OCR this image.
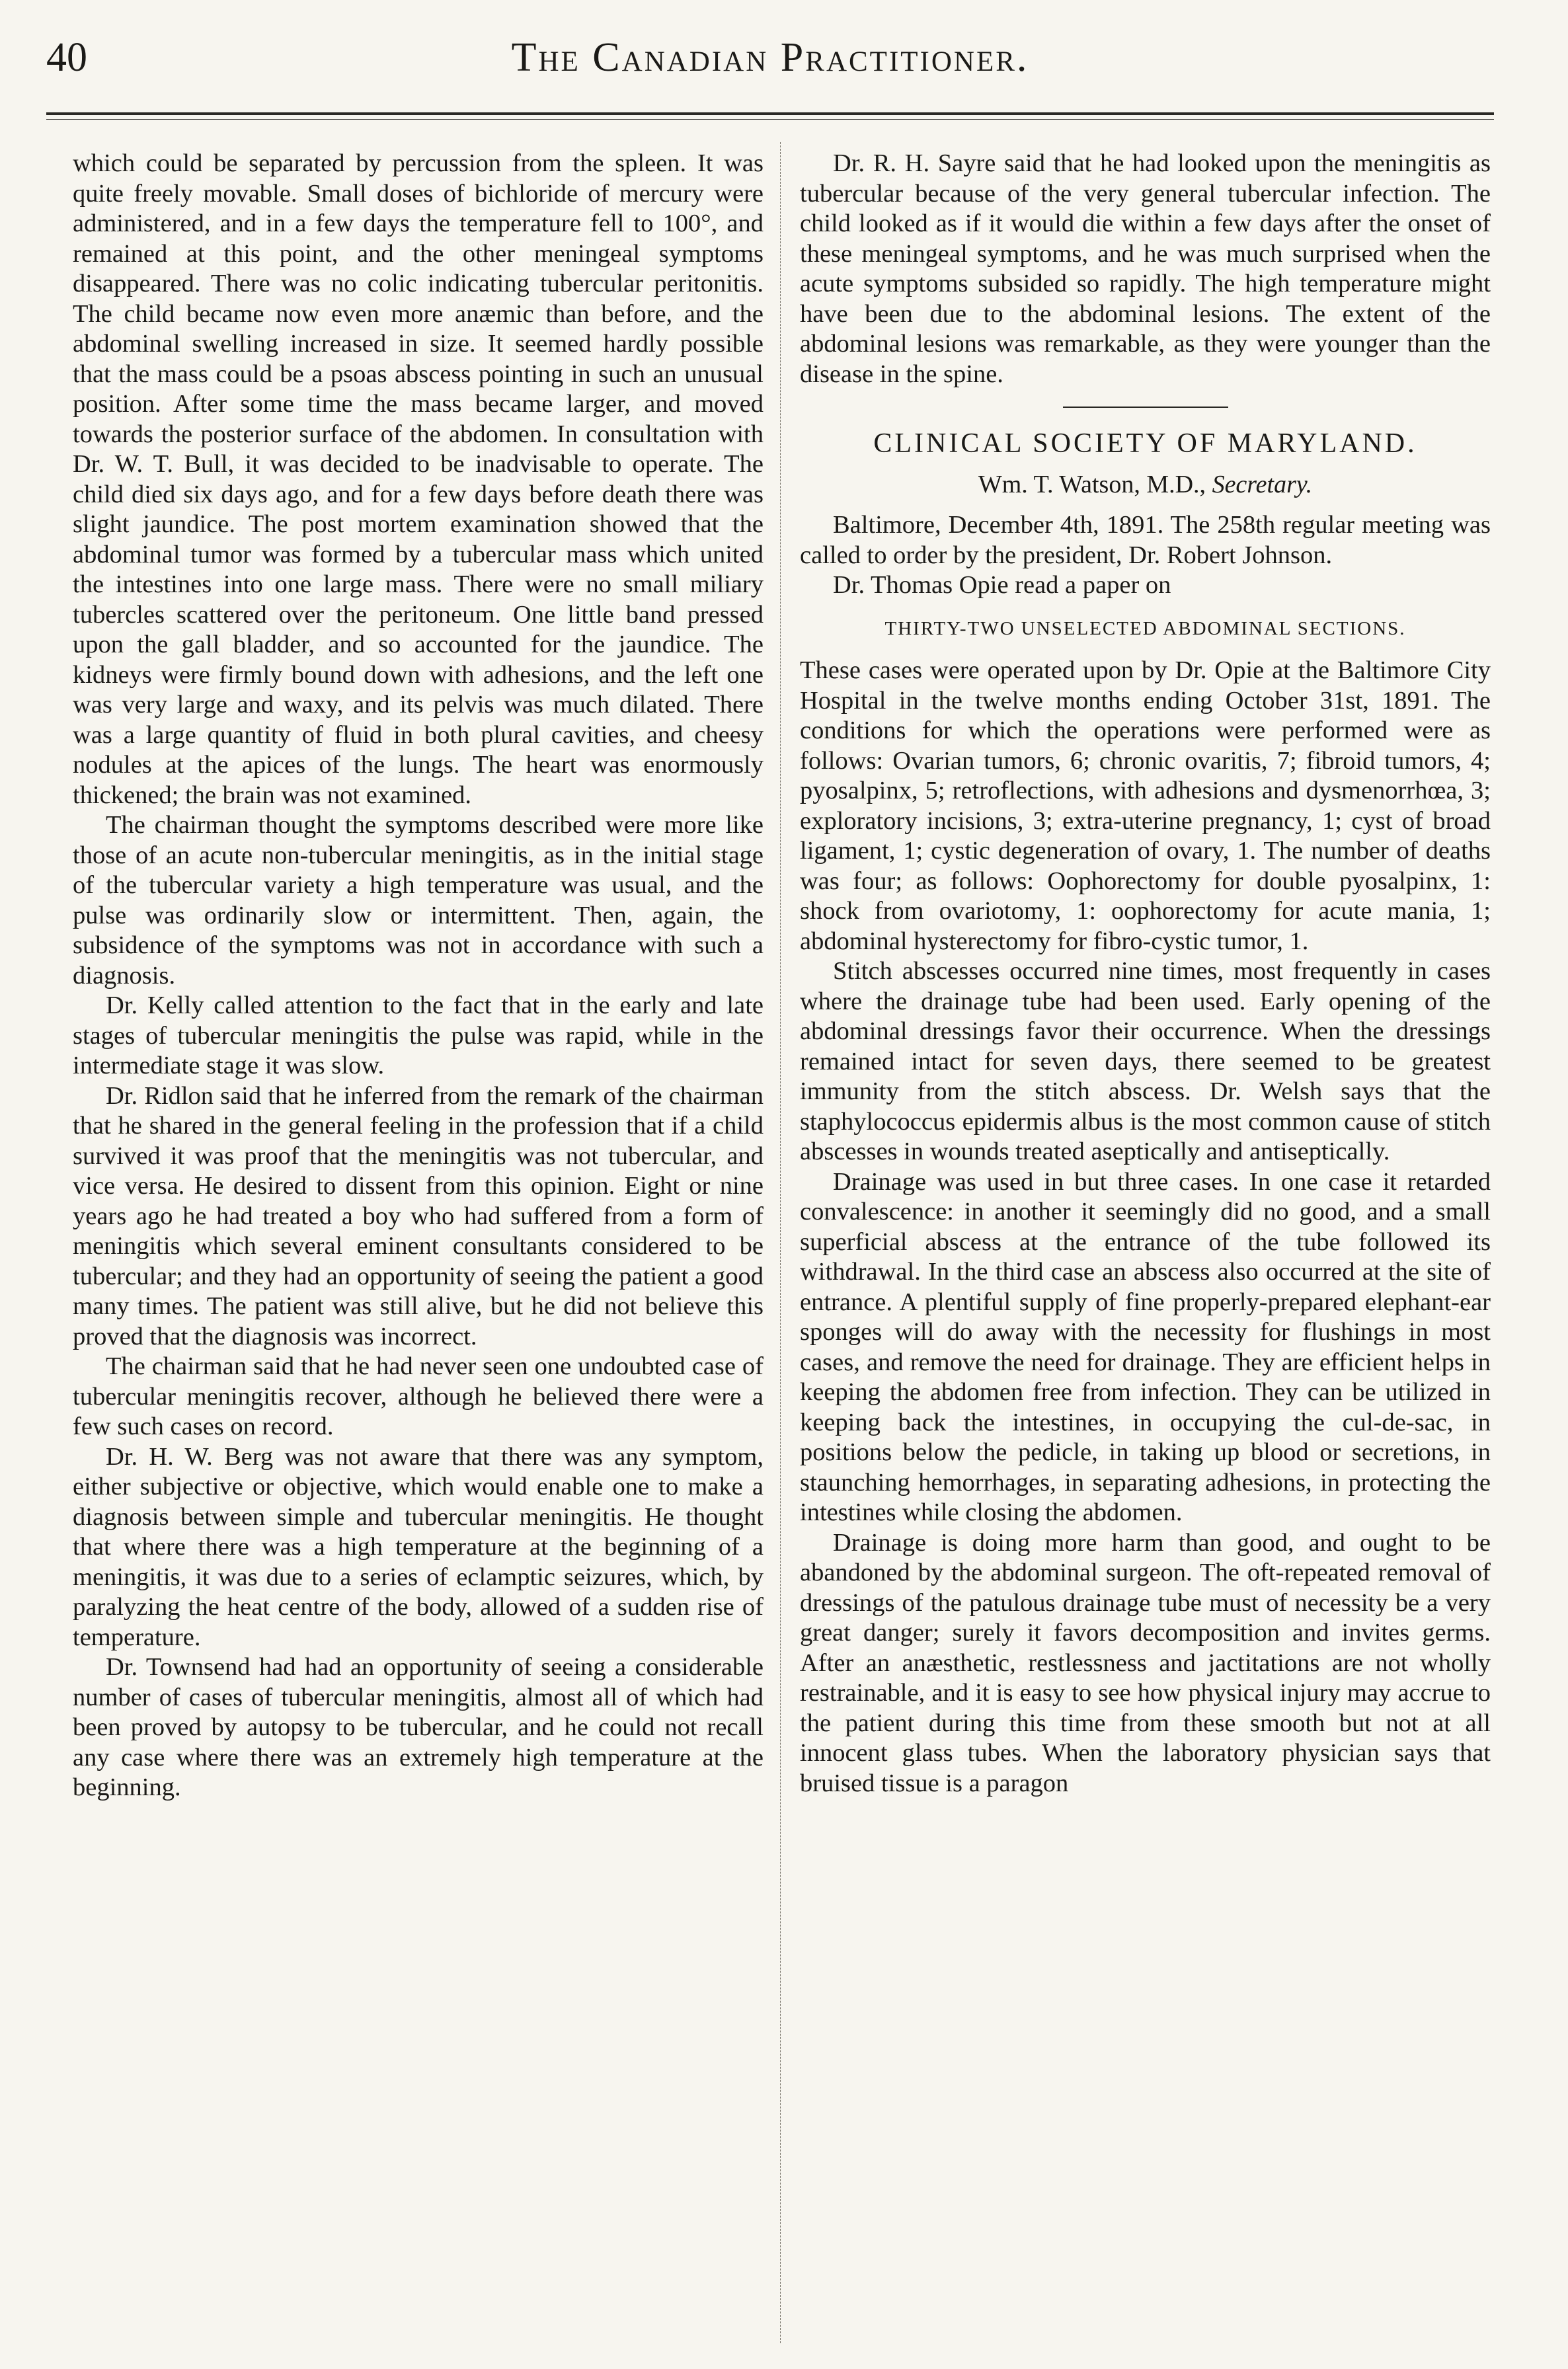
40	The Canadian Practitioner.

which could be separated by percussion from the spleen. It was quite freely movable. Small doses of bichloride of mercury were administered, and in a few days the temperature fell to 100°, and remained at this point, and the other meningeal symptoms disappeared. There was no colic indicating tubercular peritonitis. The child became now even more anæmic than before, and the abdominal swelling increased in size. It seemed hardly possible that the mass could be a psoas abscess pointing in such an unusual position. After some time the mass became larger, and moved towards the posterior surface of the abdomen. In consultation with Dr. W. T. Bull, it was decided to be inadvisable to operate. The child died six days ago, and for a few days before death there was slight jaundice. The post mortem examination showed that the abdominal tumor was formed by a tubercular mass which united the intestines into one large mass. There were no small miliary tubercles scattered over the peritoneum. One little band pressed upon the gall bladder, and so accounted for the jaundice. The kidneys were firmly bound down with adhesions, and the left one was very large and waxy, and its pelvis was much dilated. There was a large quantity of fluid in both plural cavities, and cheesy nodules at the apices of the lungs. The heart was enormously thickened; the brain was not examined.

The chairman thought the symptoms described were more like those of an acute non-tubercular meningitis, as in the initial stage of the tubercular variety a high temperature was usual, and the pulse was ordinarily slow or intermittent. Then, again, the subsidence of the symptoms was not in accordance with such a diagnosis.

Dr. Kelly called attention to the fact that in the early and late stages of tubercular meningitis the pulse was rapid, while in the intermediate stage it was slow.

Dr. Ridlon said that he inferred from the remark of the chairman that he shared in the general feeling in the profession that if a child survived it was proof that the meningitis was not tubercular, and vice versa. He desired to dissent from this opinion. Eight or nine years ago he had treated a boy who had suffered from a form of meningitis which several eminent consultants considered to be tubercular; and they had an opportunity of seeing the patient a good many times. The patient was still alive, but he did not believe this proved that the diagnosis was incorrect.

The chairman said that he had never seen one undoubted case of tubercular meningitis recover, although he believed there were a few such cases on record.

Dr. H. W. Berg was not aware that there was any symptom, either subjective or objective, which would enable one to make a diagnosis between simple and tubercular meningitis. He thought that where there was a high temperature at the beginning of a meningitis, it was due to a series of eclamptic seizures, which, by paralyzing the heat centre of the body, allowed of a sudden rise of temperature.

Dr. Townsend had had an opportunity of seeing a considerable number of cases of tubercular meningitis, almost all of which had been proved by autopsy to be tubercular, and he could not recall any case where there was an extremely high temperature at the beginning.

Dr. R. H. Sayre said that he had looked upon the meningitis as tubercular because of the very general tubercular infection. The child looked as if it would die within a few days after the onset of these meningeal symptoms, and he was much surprised when the acute symptoms subsided so rapidly. The high temperature might have been due to the abdominal lesions. The extent of the abdominal lesions was remarkable, as they were younger than the disease in the spine.

CLINICAL SOCIETY OF MARYLAND.

Wm. T. Watson, M.D., Secretary.

Baltimore, December 4th, 1891. The 258th regular meeting was called to order by the president, Dr. Robert Johnson.

Dr. Thomas Opie read a paper on

THIRTY-TWO UNSELECTED ABDOMINAL SECTIONS.

These cases were operated upon by Dr. Opie at the Baltimore City Hospital in the twelve months ending October 31st, 1891. The conditions for which the operations were performed were as follows: Ovarian tumors, 6; chronic ovaritis, 7; fibroid tumors, 4; pyosalpinx, 5; retroflections, with adhesions and dysmenorrhœa, 3; exploratory incisions, 3; extra-uterine pregnancy, 1; cyst of broad ligament, 1; cystic degeneration of ovary, 1. The number of deaths was four; as follows: Oophorectomy for double pyosalpinx, 1: shock from ovariotomy, 1: oophorectomy for acute mania, 1; abdominal hysterectomy for fibro-cystic tumor, 1.

Stitch abscesses occurred nine times, most frequently in cases where the drainage tube had been used. Early opening of the abdominal dressings favor their occurrence. When the dressings remained intact for seven days, there seemed to be greatest immunity from the stitch abscess. Dr. Welsh says that the staphylococcus epidermis albus is the most common cause of stitch abscesses in wounds treated aseptically and antiseptically.

Drainage was used in but three cases. In one case it retarded convalescence: in another it seemingly did no good, and a small superficial abscess at the entrance of the tube followed its withdrawal. In the third case an abscess also occurred at the site of entrance. A plentiful supply of fine properly-prepared elephant-ear sponges will do away with the necessity for flushings in most cases, and remove the need for drainage. They are efficient helps in keeping the abdomen free from infection. They can be utilized in keeping back the intestines, in occupying the cul-de-sac, in positions below the pedicle, in taking up blood or secretions, in staunching hemorrhages, in separating adhesions, in protecting the intestines while closing the abdomen.

Drainage is doing more harm than good, and ought to be abandoned by the abdominal surgeon. The oft-repeated removal of dressings of the patulous drainage tube must of necessity be a very great danger; surely it favors decomposition and invites germs. After an anæsthetic, restlessness and jactitations are not wholly restrainable, and it is easy to see how physical injury may accrue to the patient during this time from these smooth but not at all innocent glass tubes. When the laboratory physician says that bruised tissue is a paragon
